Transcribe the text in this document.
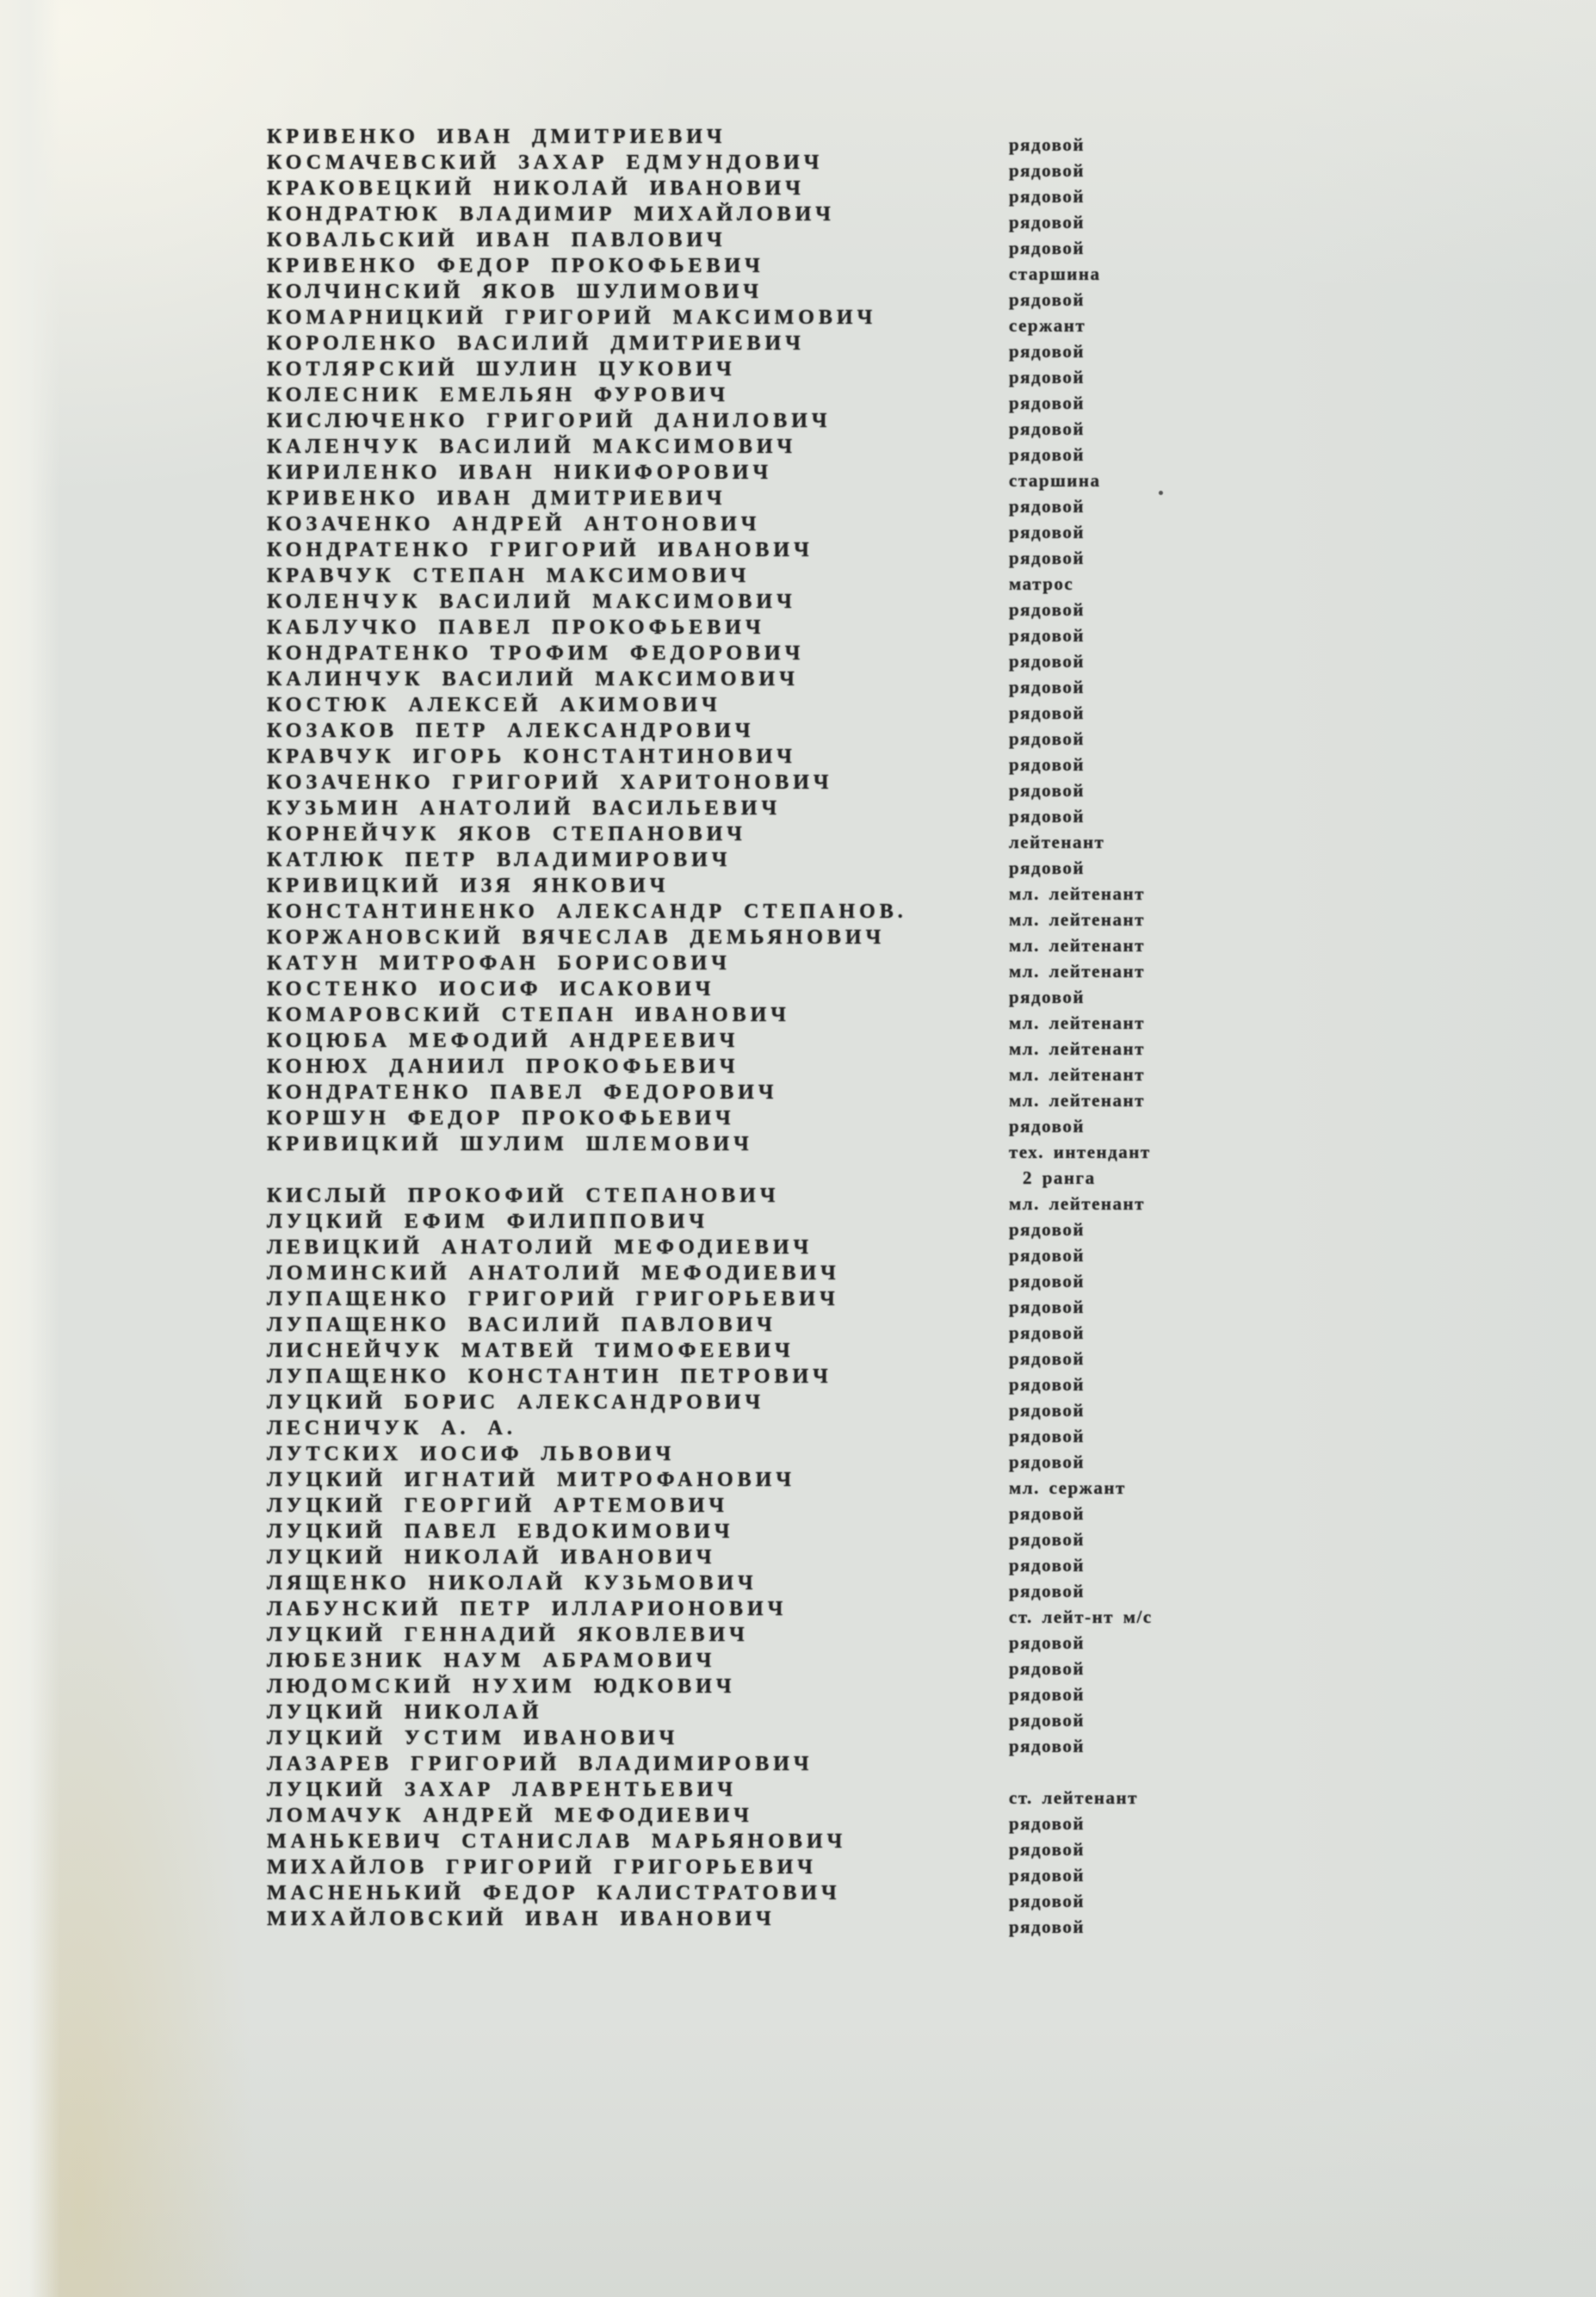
КРИВЕНКО ИВАН ДМИТРИЕВИЧ	рядовой
КОСМАЧЕВСКИЙ ЗАХАР ЕДМУНДОВИЧ	рядовой
КРАКОВЕЦКИЙ НИКОЛАЙ ИВАНОВИЧ	рядовой
КОНДРАТЮК ВЛАДИМИР МИХАЙЛОВИЧ	рядовой
КОВАЛЬСКИЙ ИВАН ПАВЛОВИЧ	рядовой
КРИВЕНКО ФЕДОР ПРОКОФЬЕВИЧ	старшина
КОЛЧИНСКИЙ ЯКОВ ШУЛИМОВИЧ	рядовой
КОМАРНИЦКИЙ ГРИГОРИЙ МАКСИМОВИЧ	сержант
КОРОЛЕНКО ВАСИЛИЙ ДМИТРИЕВИЧ	рядовой
КОТЛЯРСКИЙ ШУЛИН ЦУКОВИЧ	рядовой
КОЛЕСНИК ЕМЕЛЬЯН ФУРОВИЧ	рядовой
КИСЛЮЧЕНКО ГРИГОРИЙ ДАНИЛОВИЧ	рядовой
КАЛЕНЧУК ВАСИЛИЙ МАКСИМОВИЧ	рядовой
КИРИЛЕНКО ИВАН НИКИФОРОВИЧ	старшина
КРИВЕНКО ИВАН ДМИТРИЕВИЧ	рядовой
КОЗАЧЕНКО АНДРЕЙ АНТОНОВИЧ	рядовой
КОНДРАТЕНКО ГРИГОРИЙ ИВАНОВИЧ	рядовой
КРАВЧУК СТЕПАН МАКСИМОВИЧ	матрос
КОЛЕНЧУК ВАСИЛИЙ МАКСИМОВИЧ	рядовой
КАБЛУЧКО ПАВЕЛ ПРОКОФЬЕВИЧ	рядовой
КОНДРАТЕНКО ТРОФИМ ФЕДОРОВИЧ	рядовой
КАЛИНЧУК ВАСИЛИЙ МАКСИМОВИЧ	рядовой
КОСТЮК АЛЕКСЕЙ АКИМОВИЧ	рядовой
КОЗАКОВ ПЕТР АЛЕКСАНДРОВИЧ	рядовой
КРАВЧУК ИГОРЬ КОНСТАНТИНОВИЧ	рядовой
КОЗАЧЕНКО ГРИГОРИЙ ХАРИТОНОВИЧ	рядовой
КУЗЬМИН АНАТОЛИЙ ВАСИЛЬЕВИЧ	рядовой
КОРНЕЙЧУК ЯКОВ СТЕПАНОВИЧ	лейтенант
КАТЛЮК ПЕТР ВЛАДИМИРОВИЧ	рядовой
КРИВИЦКИЙ ИЗЯ ЯНКОВИЧ	мл. лейтенант
КОНСТАНТИНЕНКО АЛЕКСАНДР СТЕПАНОВ.	мл. лейтенант
КОРЖАНОВСКИЙ ВЯЧЕСЛАВ ДЕМЬЯНОВИЧ	мл. лейтенант
КАТУН МИТРОФАН БОРИСОВИЧ	мл. лейтенант
КОСТЕНКО ИОСИФ ИСАКОВИЧ	рядовой
КОМАРОВСКИЙ СТЕПАН ИВАНОВИЧ	мл. лейтенант
КОЦЮБА МЕФОДИЙ АНДРЕЕВИЧ	мл. лейтенант
КОНЮХ ДАНИИЛ ПРОКОФЬЕВИЧ	мл. лейтенант
КОНДРАТЕНКО ПАВЕЛ ФЕДОРОВИЧ	мл. лейтенант
КОРШУН ФЕДОР ПРОКОФЬЕВИЧ	рядовой
КРИВИЦКИЙ ШУЛИМ ШЛЕМОВИЧ	тех. интендант
2 ранга
КИСЛЫЙ ПРОКОФИЙ СТЕПАНОВИЧ	мл. лейтенант
ЛУЦКИЙ ЕФИМ ФИЛИППОВИЧ	рядовой
ЛЕВИЦКИЙ АНАТОЛИЙ МЕФОДИЕВИЧ	рядовой
ЛОМИНСКИЙ АНАТОЛИЙ МЕФОДИЕВИЧ	рядовой
ЛУПАЩЕНКО ГРИГОРИЙ ГРИГОРЬЕВИЧ	рядовой
ЛУПАЩЕНКО ВАСИЛИЙ ПАВЛОВИЧ	рядовой
ЛИСНЕЙЧУК МАТВЕЙ ТИМОФЕЕВИЧ	рядовой
ЛУПАЩЕНКО КОНСТАНТИН ПЕТРОВИЧ	рядовой
ЛУЦКИЙ БОРИС АЛЕКСАНДРОВИЧ	рядовой
ЛЕСНИЧУК А. А.	рядовой
ЛУТСКИХ ИОСИФ ЛЬВОВИЧ	рядовой
ЛУЦКИЙ ИГНАТИЙ МИТРОФАНОВИЧ	мл. сержант
ЛУЦКИЙ ГЕОРГИЙ АРТЕМОВИЧ	рядовой
ЛУЦКИЙ ПАВЕЛ ЕВДОКИМОВИЧ	рядовой
ЛУЦКИЙ НИКОЛАЙ ИВАНОВИЧ	рядовой
ЛЯЩЕНКО НИКОЛАЙ КУЗЬМОВИЧ	рядовой
ЛАБУНСКИЙ ПЕТР ИЛЛАРИОНОВИЧ	ст. лейт-нт м/с
ЛУЦКИЙ ГЕННАДИЙ ЯКОВЛЕВИЧ	рядовой
ЛЮБЕЗНИК НАУМ АБРАМОВИЧ	рядовой
ЛЮДОМСКИЙ НУХИМ ЮДКОВИЧ	рядовой
ЛУЦКИЙ НИКОЛАЙ	рядовой
ЛУЦКИЙ УСТИМ ИВАНОВИЧ	рядовой
ЛАЗАРЕВ ГРИГОРИЙ ВЛАДИМИРОВИЧ
ЛУЦКИЙ ЗАХАР ЛАВРЕНТЬЕВИЧ	ст. лейтенант
ЛОМАЧУК АНДРЕЙ МЕФОДИЕВИЧ	рядовой
МАНЬКЕВИЧ СТАНИСЛАВ МАРЬЯНОВИЧ	рядовой
МИХАЙЛОВ ГРИГОРИЙ ГРИГОРЬЕВИЧ	рядовой
МАСНЕНЬКИЙ ФЕДОР КАЛИСТРАТОВИЧ	рядовой
МИХАЙЛОВСКИЙ ИВАН ИВАНОВИЧ	рядовой
